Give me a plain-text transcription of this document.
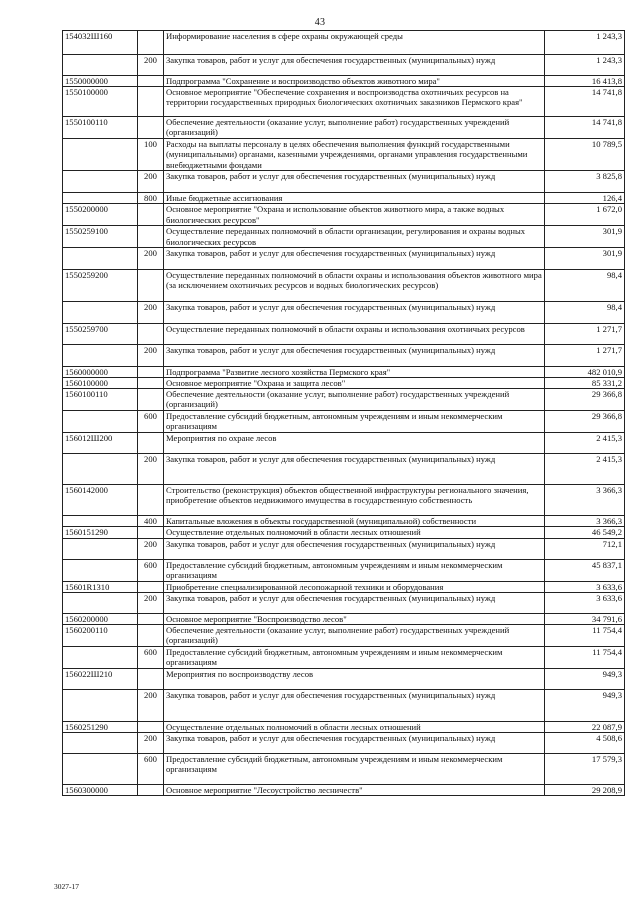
43
154032Ш160		Информирование населения в сфере охраны окружающей среды	1 243,3
	200	Закупка товаров, работ и услуг для обеспечения государственных (муниципальных) нужд	1 243,3
1550000000		Подпрограмма "Сохранение и воспроизводство объектов животного мира"	16 413,8
1550100000		Основное мероприятие "Обеспечение сохранения и воспроизводства охотничьих ресурсов на территории государственных природных биологических охотничьих заказников Пермского края"	14 741,8
1550100110		Обеспечение деятельности (оказание услуг, выполнение работ) государственных учреждений (организаций)	14 741,8
	100	Расходы на выплаты персоналу в целях обеспечения выполнения функций государственными (муниципальными) органами, казенными учреждениями, органами управления государственными внебюджетными фондами	10 789,5
	200	Закупка товаров, работ и услуг для обеспечения государственных (муниципальных) нужд	3 825,8
	800	Иные бюджетные ассигнования	126,4
1550200000		Основное мероприятие "Охрана и использование объектов животного мира, а также водных биологических ресурсов"	1 672,0
1550259100		Осуществление переданных полномочий в области организации, регулирования и охраны водных биологических ресурсов	301,9
	200	Закупка товаров, работ и услуг для обеспечения государственных (муниципальных) нужд	301,9
1550259200		Осуществление переданных полномочий в области охраны и использования объектов животного мира (за исключением охотничьих ресурсов и водных биологических ресурсов)	98,4
	200	Закупка товаров, работ и услуг для обеспечения государственных (муниципальных) нужд	98,4
1550259700		Осуществление переданных полномочий в области охраны и использования охотничьих ресурсов	1 271,7
	200	Закупка товаров, работ и услуг для обеспечения государственных (муниципальных) нужд	1 271,7
1560000000		Подпрограмма "Развитие лесного хозяйства Пермского края"	482 010,9
1560100000		Основное мероприятие "Охрана и защита лесов"	85 331,2
1560100110		Обеспечение деятельности (оказание услуг, выполнение работ) государственных учреждений (организаций)	29 366,8
	600	Предоставление субсидий бюджетным, автономным учреждениям и иным некоммерческим организациям	29 366,8
156012Ш200		Мероприятия по охране лесов	2 415,3
	200	Закупка товаров, работ и услуг для обеспечения государственных (муниципальных) нужд	2 415,3
1560142000		Строительство (реконструкция) объектов общественной инфраструктуры регионального значения, приобретение объектов недвижимого имущества в государственную собственность	3 366,3
	400	Капитальные вложения в объекты государственной (муниципальной) собственности	3 366,3
1560151290		Осуществление отдельных полномочий в области лесных отношений	46 549,2
	200	Закупка товаров, работ и услуг для обеспечения государственных (муниципальных) нужд	712,1
	600	Предоставление субсидий бюджетным, автономным учреждениям и иным некоммерческим организациям	45 837,1
15601R1310		Приобретение специализированной лесопожарной техники и оборудования	3 633,6
	200	Закупка товаров, работ и услуг для обеспечения государственных (муниципальных) нужд	3 633,6
1560200000		Основное мероприятие "Воспроизводство лесов"	34 791,6
1560200110		Обеспечение деятельности (оказание услуг, выполнение работ) государственных учреждений (организаций)	11 754,4
	600	Предоставление субсидий бюджетным, автономным учреждениям и иным некоммерческим организациям	11 754,4
156022Ш210		Мероприятия по воспроизводству лесов	949,3
	200	Закупка товаров, работ и услуг для обеспечения государственных (муниципальных) нужд	949,3
1560251290		Осуществление отдельных полномочий в области лесных отношений	22 087,9
	200	Закупка товаров, работ и услуг для обеспечения государственных (муниципальных) нужд	4 508,6
	600	Предоставление субсидий бюджетным, автономным учреждениям и иным некоммерческим организациям	17 579,3
1560300000		Основное мероприятие "Лесоустройство лесничеств"	29 208,9
3027-17
